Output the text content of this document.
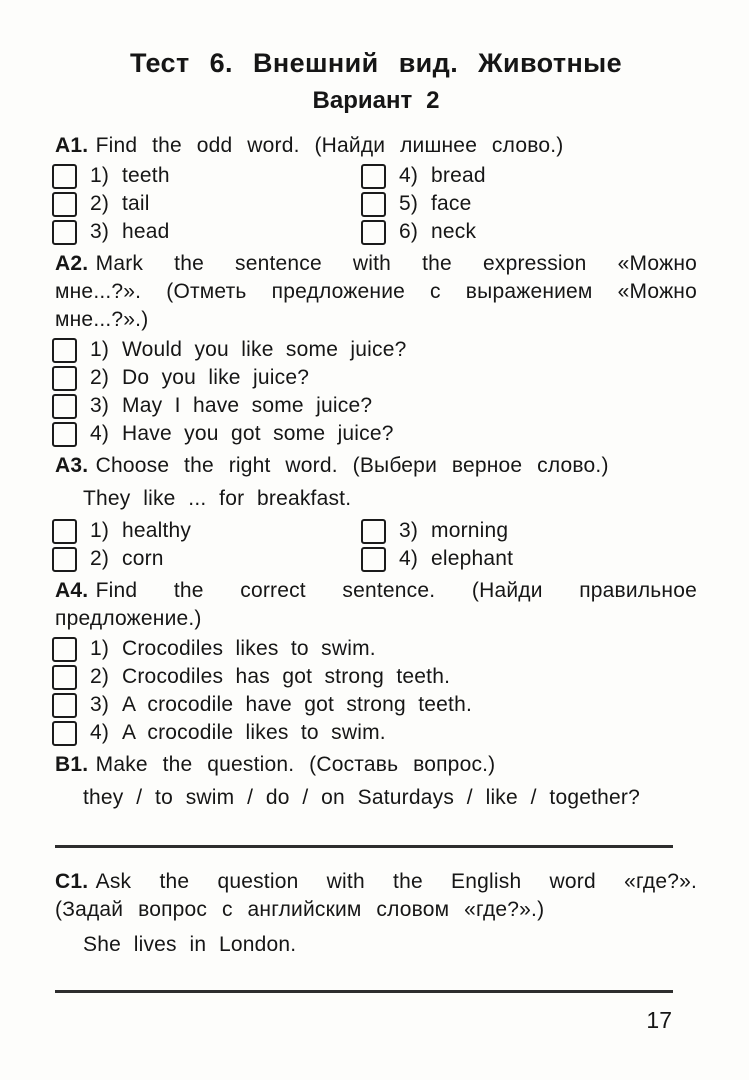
Тест 6. Внешний вид. Животные
Вариант 2

A1. Find the odd word. (Найди лишнее слово.)

1) teeth
2) tail
3) head
4) bread
5) face
6) neck

A2. Mark the sentence with the expression «Можно

мне...?». (Отметь предложение с выражением «Можно

мне...?».)

1) Would you like some juice?
2) Do you like juice?
3) May I have some juice?
4) Have you got some juice?

A3. Choose the right word. (Выбери верное слово.)

They like ... for breakfast.

1) healthy
2) corn
3) morning
4) elephant

A4. Find the correct sentence. (Найди правильное

предложение.)

1) Crocodiles likes to swim.
2) Crocodiles has got strong teeth.
3) A crocodile have got strong teeth.
4) A crocodile likes to swim.

B1. Make the question. (Составь вопрос.)

they / to swim / do / on Saturdays / like / together?

C1. Ask the question with the English word «где?».

(Задай вопрос с английским словом «где?».)

She lives in London.

17
